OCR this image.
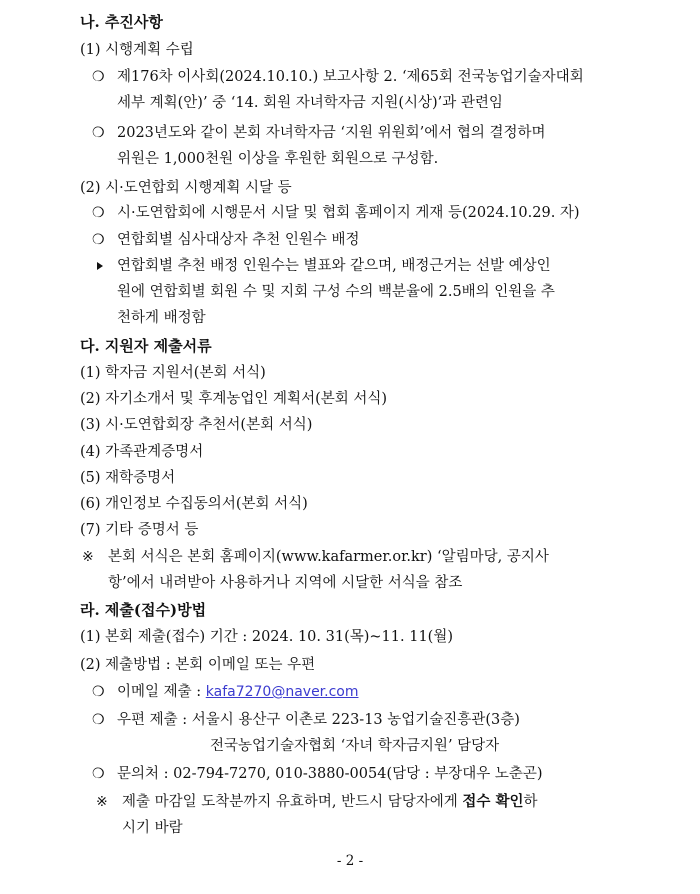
나. 추진사항
(1) 시행계획 수립
❍ 제176차 이사회(2024.10.10.) 보고사항 2. ‘제65회 전국농업기술자대회
세부 계획(안)’ 중 ‘14. 회원 자녀학자금 지원(시상)’과 관련임
❍ 2023년도와 같이 본회 자녀학자금 ‘지원 위원회’에서 협의 결정하며
위원은 1,000천원 이상을 후원한 회원으로 구성함.
(2) 시·도연합회 시행계획 시달 등
❍ 시·도연합회에 시행문서 시달 및 협회 홈페이지 게재 등(2024.10.29. 자)
❍ 연합회별 심사대상자 추천 인원수 배정
연합회별 추천 배정 인원수는 별표와 같으며, 배정근거는 선발 예상인
원에 연합회별 회원 수 및 지회 구성 수의 백분율에 2.5배의 인원을 추
천하게 배정함
다. 지원자 제출서류
(1) 학자금 지원서(본회 서식)
(2) 자기소개서 및 후계농업인 계획서(본회 서식)
(3) 시·도연합회장 추천서(본회 서식)
(4) 가족관계증명서
(5) 재학증명서
(6) 개인정보 수집동의서(본회 서식)
(7) 기타 증명서 등
※ 본회 서식은 본회 홈페이지(www.kafarmer.or.kr) ‘알림마당, 공지사
항’에서 내려받아 사용하거나 지역에 시달한 서식을 참조
라. 제출(접수)방법
(1) 본회 제출(접수) 기간 : 2024. 10. 31(목)~11. 11(월)
(2) 제출방법 : 본회 이메일 또는 우편
❍ 이메일 제출 : kafa7270@naver.com
❍ 우편 제출 : 서울시 용산구 이촌로 223-13 농업기술진흥관(3층)
전국농업기술자협회 ‘자녀 학자금지원’ 담당자
❍ 문의처 : 02-794-7270, 010-3880-0054(담당 : 부장대우 노춘곤)
※ 제출 마감일 도착분까지 유효하며, 반드시 담당자에게 접수 확인하
시기 바람
- 2 -
